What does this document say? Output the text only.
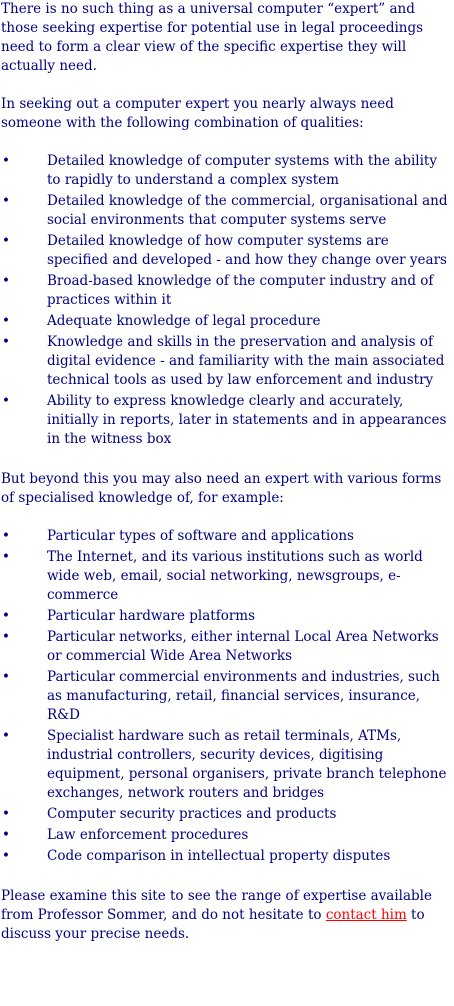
There is no such thing as a universal computer “expert” and those seeking expertise for potential use in legal proceedings need to form a clear view of the specific expertise they will actually need.

In seeking out a computer expert you nearly always need someone with the following combination of qualities:

•	Detailed knowledge of computer systems with the ability to rapidly to understand a complex system
•	Detailed knowledge of the commercial, organisational and social environments that computer systems serve
•	Detailed knowledge of how computer systems are specified and developed - and how they change over years
•	Broad-based knowledge of the computer industry and of practices within it
•	Adequate knowledge of legal procedure
•	Knowledge and skills in the preservation and analysis of digital evidence - and familiarity with the main associated technical tools as used by law enforcement and industry
•	Ability to express knowledge clearly and accurately, initially in reports, later in statements and in appearances in the witness box

But beyond this you may also need an expert with various forms of specialised knowledge of, for example:

•	Particular types of software and applications
•	The Internet, and its various institutions such as world wide web, email, social networking, newsgroups, e-commerce
•	Particular hardware platforms
•	Particular networks, either internal Local Area Networks or commercial Wide Area Networks
•	Particular commercial environments and industries, such as manufacturing, retail, financial services, insurance, R&D
•	Specialist hardware such as retail terminals, ATMs, industrial controllers, security devices, digitising equipment, personal organisers, private branch telephone exchanges, network routers and bridges
•	Computer security practices and products
•	Law enforcement procedures
•	Code comparison in intellectual property disputes

Please examine this site to see the range of expertise available from Professor Sommer, and do not hesitate to contact him to discuss your precise needs.
